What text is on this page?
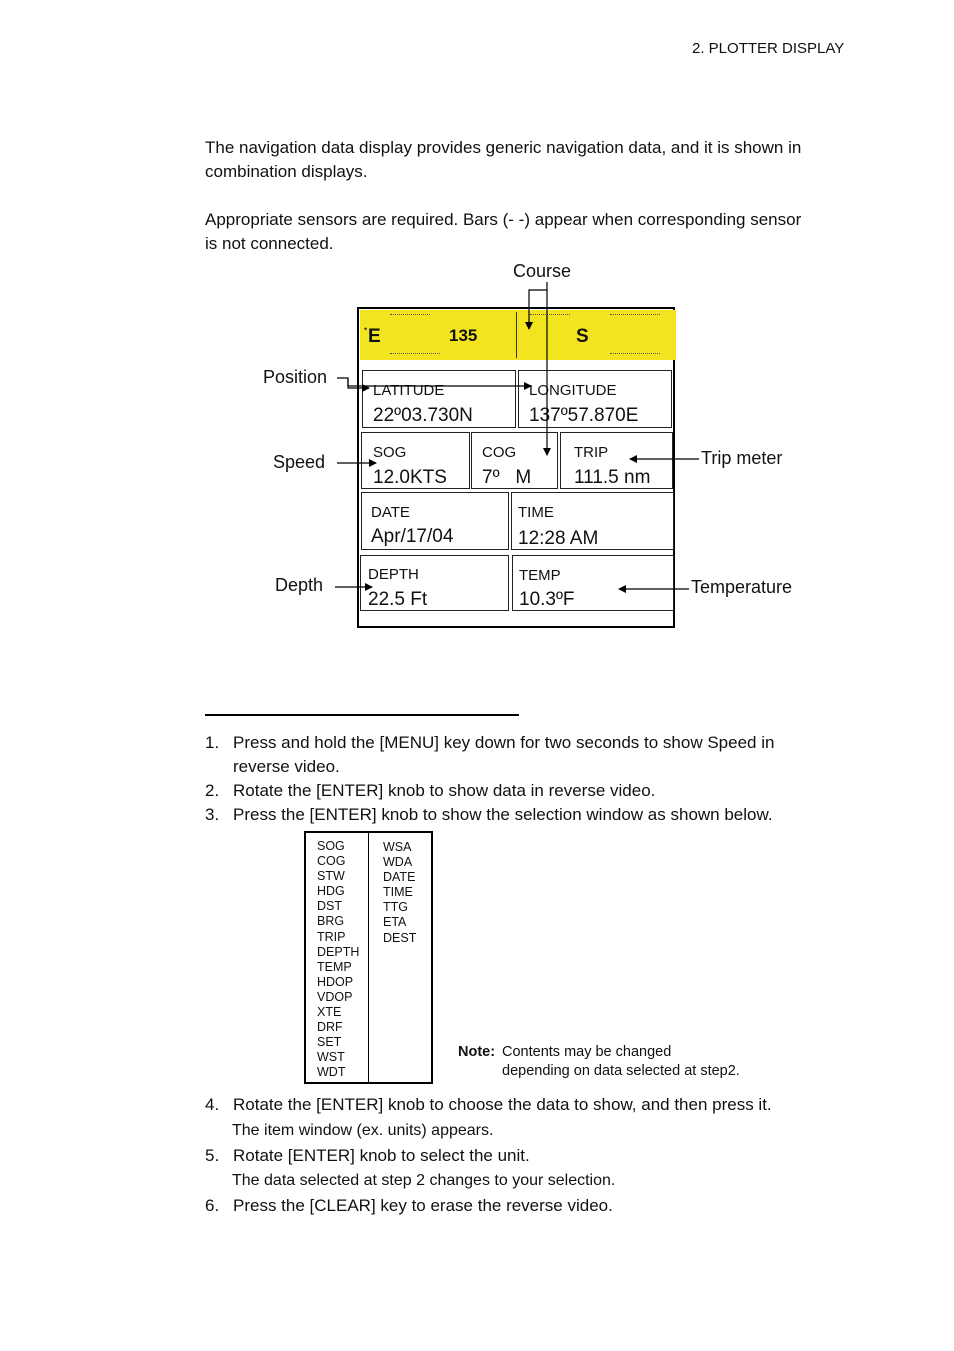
2. PLOTTER DISPLAY
The navigation data display provides generic navigation data, and it is shown in
combination displays.
Appropriate sensors are required. Bars (- -) appear when corresponding sensor
is not connected.
Course
Position
Speed
Depth
Trip meter
Temperature
• E	135	S
LATITUDE
22º03.730N
LONGITUDE
137º57.870E
SOG
12.0KTS
COG
7º   M
TRIP
111.5 nm
DATE
Apr/17/04
TIME
12:28 AM
DEPTH
22.5 Ft
TEMP
10.3ºF
1. Press and hold the [MENU] key down for two seconds to show Speed in
reverse video.
2. Rotate the [ENTER] knob to show data in reverse video.
3. Press the [ENTER] knob to show the selection window as shown below.
SOG
COG
STW
HDG
DST
BRG
TRIP
DEPTH
TEMP
HDOP
VDOP
XTE
DRF
SET
WST
WDT
WSA
WDA
DATE
TIME
TTG
ETA
DEST
Note: Contents may be changed
depending on data selected at step2.
4. Rotate the [ENTER] knob to choose the data to show, and then press it.
The item window (ex. units) appears.
5. Rotate [ENTER] knob to select the unit.
The data selected at step 2 changes to your selection.
6. Press the [CLEAR] key to erase the reverse video.
